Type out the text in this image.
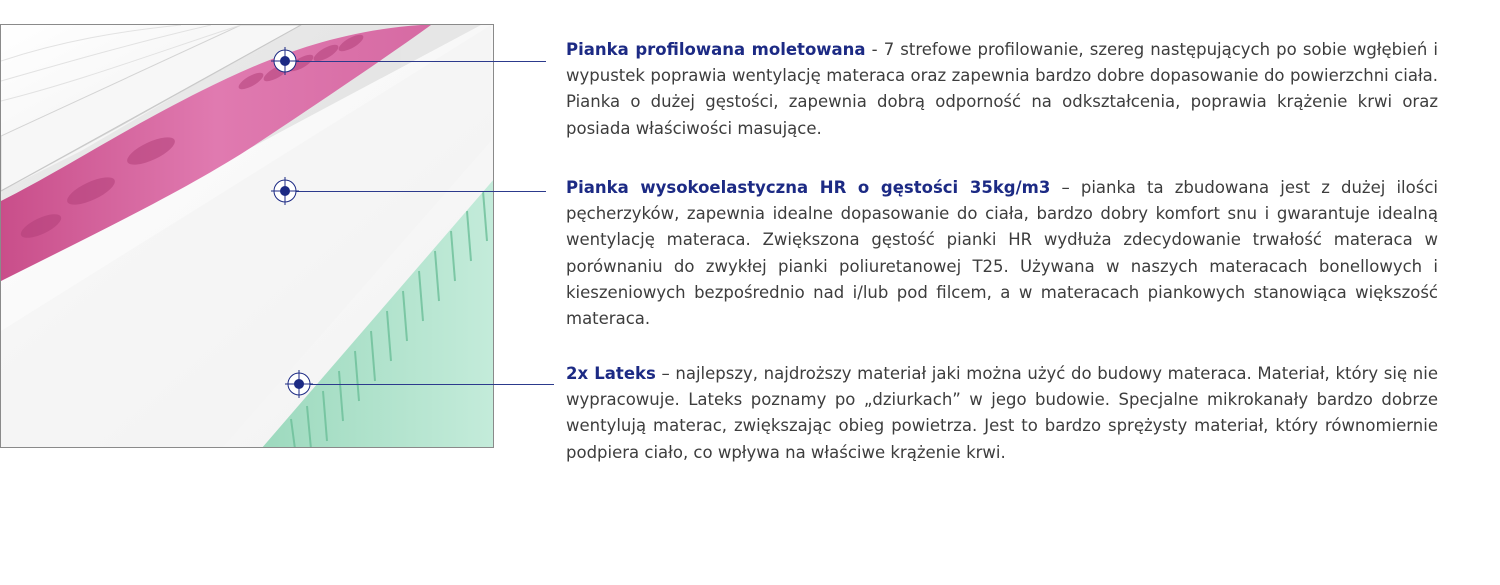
Pianka profilowana moletowana - 7 strefowe profilowanie, szereg następujących po sobie wgłębień i wypustek poprawia wentylację materaca oraz zapewnia bardzo dobre dopasowanie do powierzchni ciała. Pianka o dużej gęstości, zapewnia dobrą odporność na odkształcenia, poprawia krążenie krwi oraz posiada właściwości masujące.

Pianka wysokoelastyczna HR o gęstości 35kg/m3 – pianka ta zbudowana jest z dużej ilości pęcherzyków, zapewnia idealne dopasowanie do ciała, bardzo dobry komfort snu i gwarantuje idealną wentylację materaca. Zwiększona gęstość pianki HR wydłuża zdecydowanie trwałość materaca w porównaniu do zwykłej pianki poliuretanowej T25. Używana w naszych materacach bonellowych i kieszeniowych bezpośrednio nad i/lub pod filcem, a w materacach piankowych stanowiąca większość materaca.

2x Lateks – najlepszy, najdroższy materiał jaki można użyć do budowy materaca. Materiał, który się nie wypracowuje. Lateks poznamy po „dziurkach” w jego budowie. Specjalne mikrokanały bardzo dobrze wentylują materac, zwiększając obieg powietrza. Jest to bardzo sprężysty materiał, który równomiernie podpiera ciało, co wpływa na właściwe krążenie krwi.
